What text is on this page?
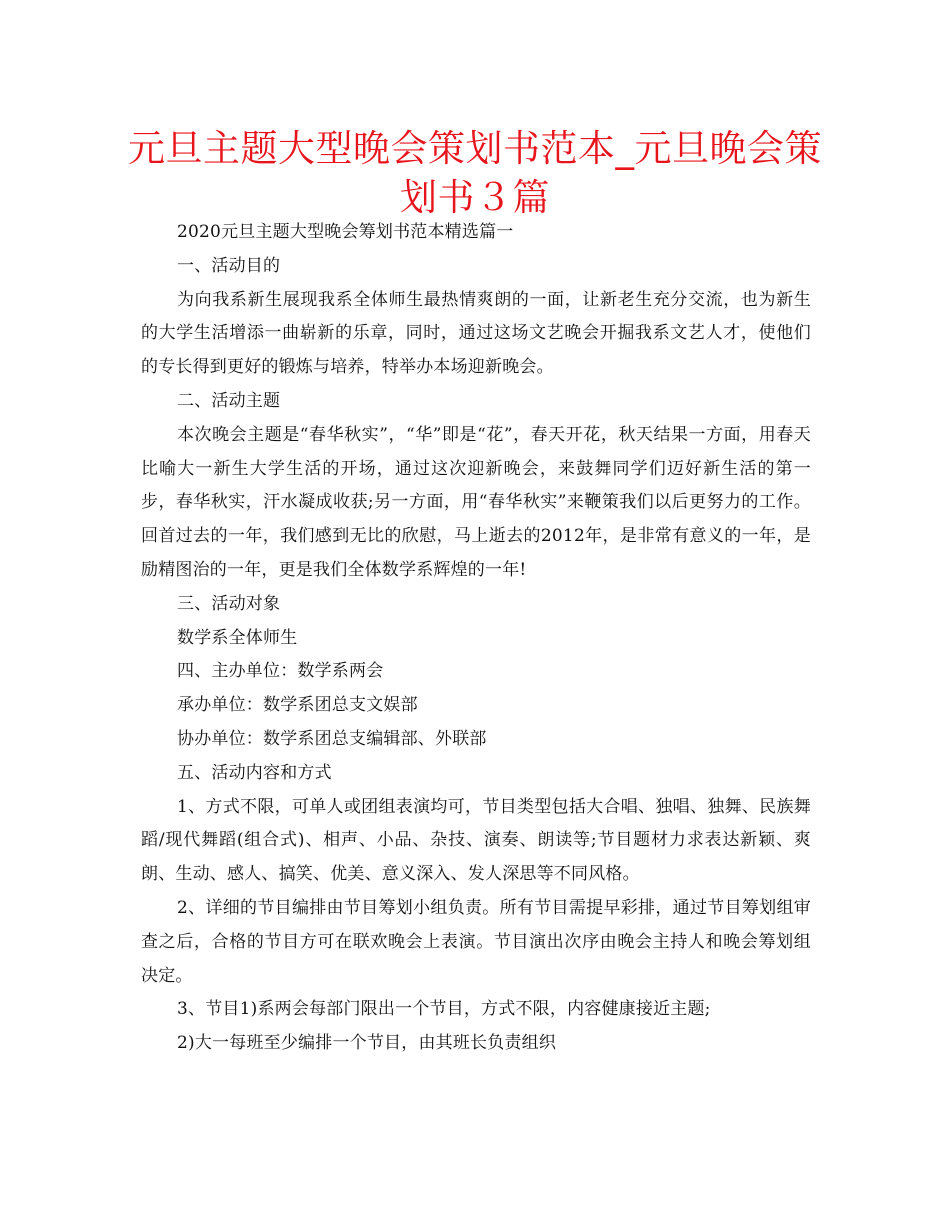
元旦主题大型晚会策划书范本_元旦晚会策划书３篇

2020元旦主题大型晚会筹划书范本精选篇一

一、活动目的

为向我系新生展现我系全体师生最热情爽朗的一面，让新老生充分交流，也为新生的大学生活增添一曲崭新的乐章，同时，通过这场文艺晚会开掘我系文艺人才，使他们的专长得到更好的锻炼与培养，特举办本场迎新晚会。

二、活动主题

本次晚会主题是“春华秋实”，“华”即是“花”，春天开花，秋天结果一方面，用春天比喻大一新生大学生活的开场，通过这次迎新晚会，来鼓舞同学们迈好新生活的第一步，春华秋实，汗水凝成收获;另一方面，用“春华秋实”来鞭策我们以后更努力的工作。回首过去的一年，我们感到无比的欣慰，马上逝去的2012年，是非常有意义的一年，是励精图治的一年，更是我们全体数学系辉煌的一年!

三、活动对象

数学系全体师生

四、主办单位：数学系两会

承办单位：数学系团总支文娱部

协办单位：数学系团总支编辑部、外联部

五、活动内容和方式

1、方式不限，可单人或团组表演均可，节目类型包括大合唱、独唱、独舞、民族舞蹈/现代舞蹈(组合式)、相声、小品、杂技、演奏、朗读等;节目题材力求表达新颖、爽朗、生动、感人、搞笑、优美、意义深入、发人深思等不同风格。

2、详细的节目编排由节目筹划小组负责。所有节目需提早彩排，通过节目筹划组审查之后，合格的节目方可在联欢晚会上表演。节目演出次序由晚会主持人和晚会筹划组决定。

3、节目1)系两会每部门限出一个节目，方式不限，内容健康接近主题;

2)大一每班至少编排一个节目，由其班长负责组织
